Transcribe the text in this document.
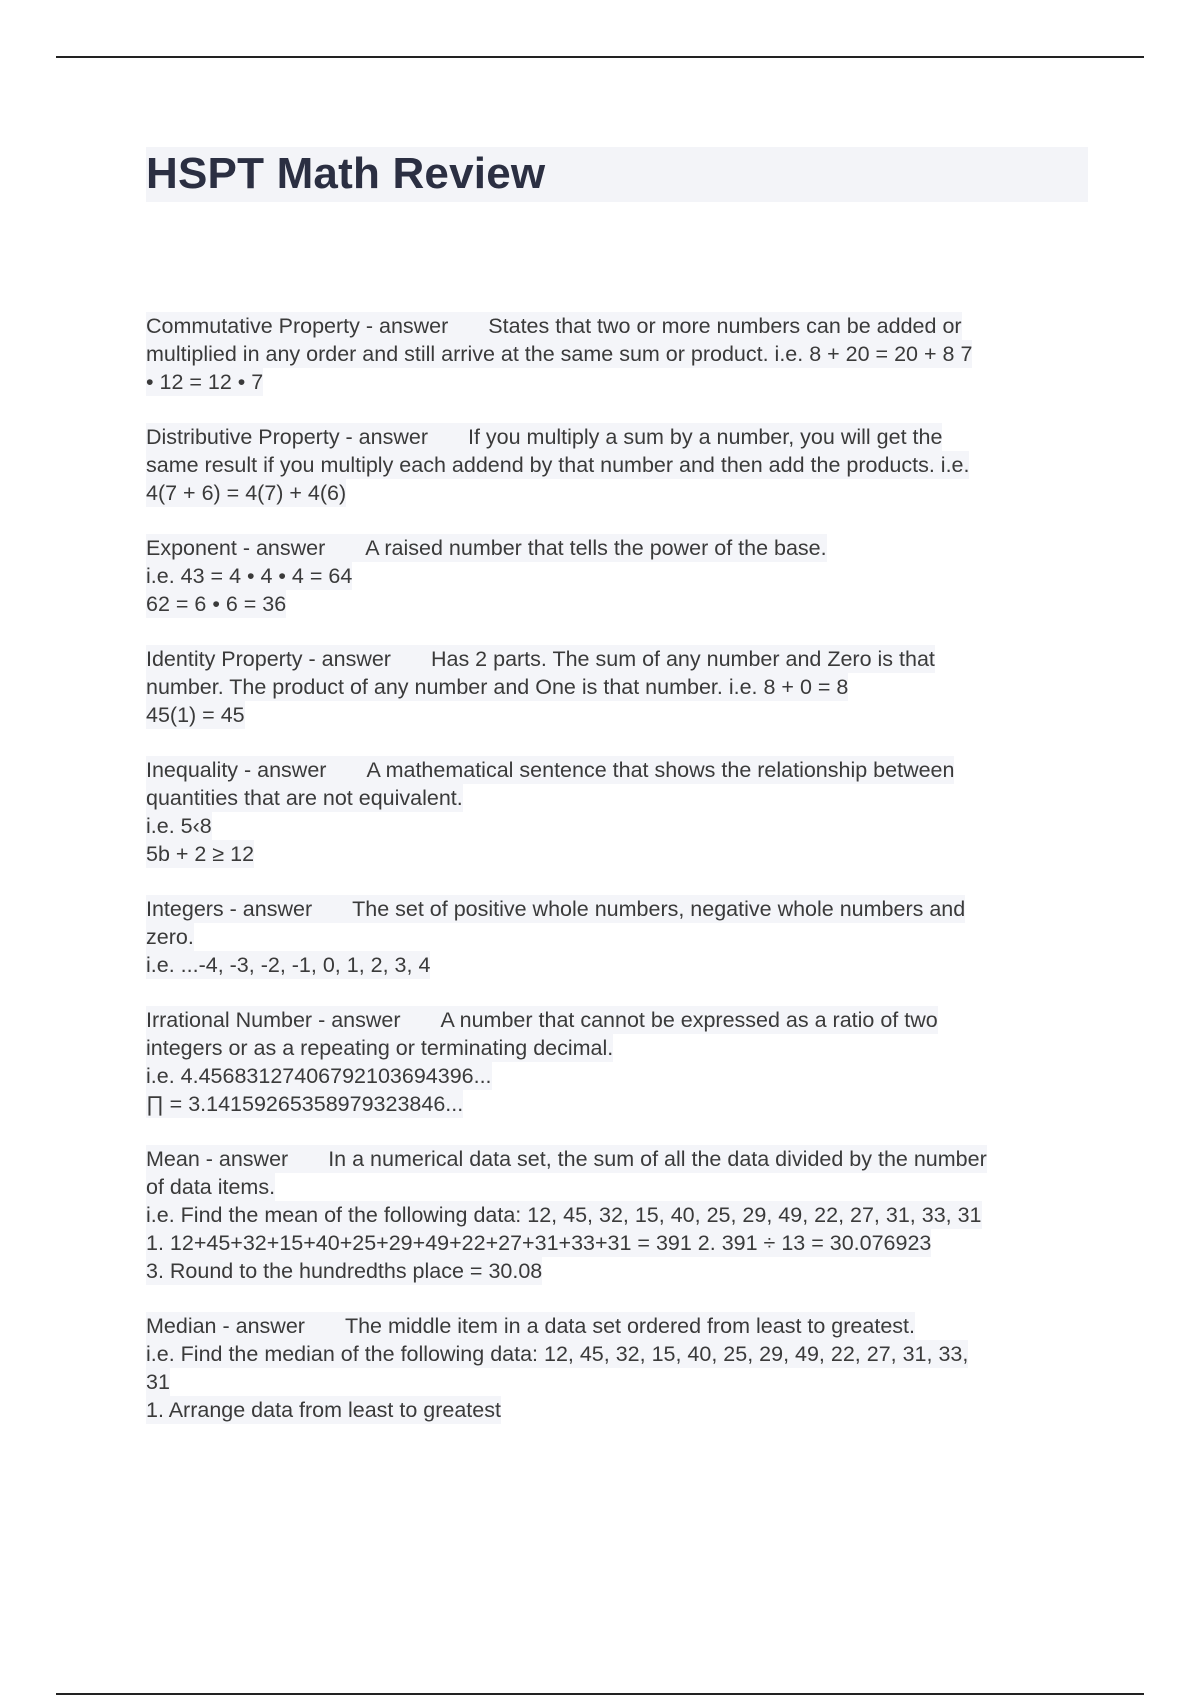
HSPT Math Review
Commutative Property - answer States that two or more numbers can be added or
multiplied in any order and still arrive at the same sum or product. i.e. 8 + 20 = 20 + 8 7
• 12 = 12 • 7
Distributive Property - answer If you multiply a sum by a number, you will get the
same result if you multiply each addend by that number and then add the products. i.e.
4(7 + 6) = 4(7) + 4(6)
Exponent - answer A raised number that tells the power of the base.
i.e. 43 = 4 • 4 • 4 = 64
62 = 6 • 6 = 36
Identity Property - answer Has 2 parts. The sum of any number and Zero is that
number. The product of any number and One is that number. i.e. 8 + 0 = 8
45(1) = 45
Inequality - answer A mathematical sentence that shows the relationship between
quantities that are not equivalent.
i.e. 5‹8
5b + 2 ≥ 12
Integers - answer The set of positive whole numbers, negative whole numbers and
zero.
i.e. ...-4, -3, -2, -1, 0, 1, 2, 3, 4
Irrational Number - answer A number that cannot be expressed as a ratio of two
integers or as a repeating or terminating decimal.
i.e. 4.45683127406792103694396...
∏ = 3.14159265358979323846...
Mean - answer In a numerical data set, the sum of all the data divided by the number
of data items.
i.e. Find the mean of the following data: 12, 45, 32, 15, 40, 25, 29, 49, 22, 27, 31, 33, 31
1. 12+45+32+15+40+25+29+49+22+27+31+33+31 = 391 2. 391 ÷ 13 = 30.076923
3. Round to the hundredths place = 30.08
Median - answer The middle item in a data set ordered from least to greatest.
i.e. Find the median of the following data: 12, 45, 32, 15, 40, 25, 29, 49, 22, 27, 31, 33,
31
1. Arrange data from least to greatest
